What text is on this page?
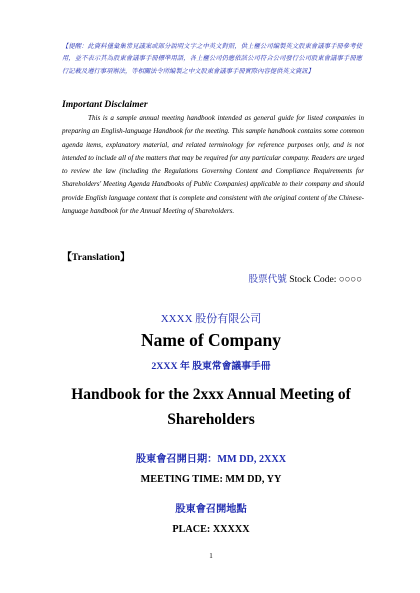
【提醒：此資料僅彙集常見議案或部分說明文字之中英文對照，供上櫃公司編製英文股東會議事手冊參考使用，並不表示其為股東會議事手冊標準用語，各上櫃公司仍應依該公司符合公司發行公司股東會議事手冊應行記載及遵行事項辦法，等相關法令所編製之中文股東會議事手冊實際內容提供英文資訊】
Important Disclaimer
This is a sample annual meeting handbook intended as general guide for listed companies in preparing an English-language Handbook for the meeting. This sample handbook contains some common agenda items, explanatory material, and related terminology for reference purposes only, and is not intended to include all of the matters that may be required for any particular company. Readers are urged to review the law (including the Regulations Governing Content and Compliance Requirements for Shareholders' Meeting Agenda Handbooks of Public Companies) applicable to their company and should provide English language content that is complete and consistent with the original content of the Chinese-language handbook for the Annual Meeting of Shareholders.
【Translation】
股票代號 Stock Code: ○○○○
XXXX 股份有限公司
Name of Company
2XXX 年 股東常會議事手冊
Handbook for the 2xxx Annual Meeting of Shareholders
股東會召開日期：MM DD, 2XXX
MEETING TIME: MM DD, YY
股東會召開地點
PLACE: XXXXX
1
